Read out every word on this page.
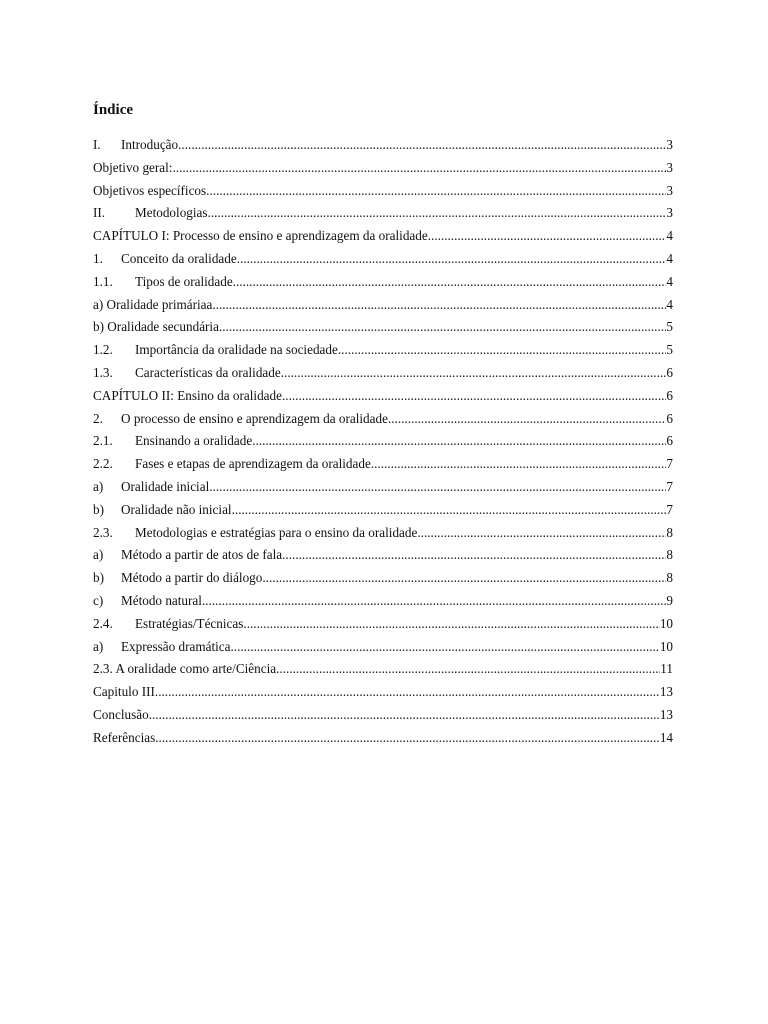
Índice
I.	Introdução .....	3
Objetivo geral: .....	3
Objetivos específicos .....	3
II.	Metodologias .....	3
CAPÍTULO I: Processo de ensino e aprendizagem da oralidade .....	4
1.	Conceito da oralidade .....	4
1.1.	Tipos de oralidade .....	4
a) Oralidade primáriaa .....	4
b) Oralidade secundária .....	5
1.2.	Importância da oralidade na sociedade .....	5
1.3.	Características da oralidade .....	6
CAPÍTULO II: Ensino da oralidade .....	6
2.	O processo de ensino e aprendizagem da oralidade .....	6
2.1.	Ensinando a oralidade .....	6
2.2.	Fases e etapas de aprendizagem da oralidade .....	7
a)	Oralidade inicial .....	7
b)	Oralidade não inicial .....	7
2.3.	Metodologias e estratégias para o ensino da oralidade .....	8
a)	Método a partir de atos de fala .....	8
b)	Método a partir do diálogo .....	8
c)	Método natural .....	9
2.4.	Estratégias/Técnicas .....	10
a)	Expressão dramática .....	10
2.3. A oralidade como arte/Ciência .....	11
Capitulo III .....	13
Conclusão .....	13
Referências .....	14
